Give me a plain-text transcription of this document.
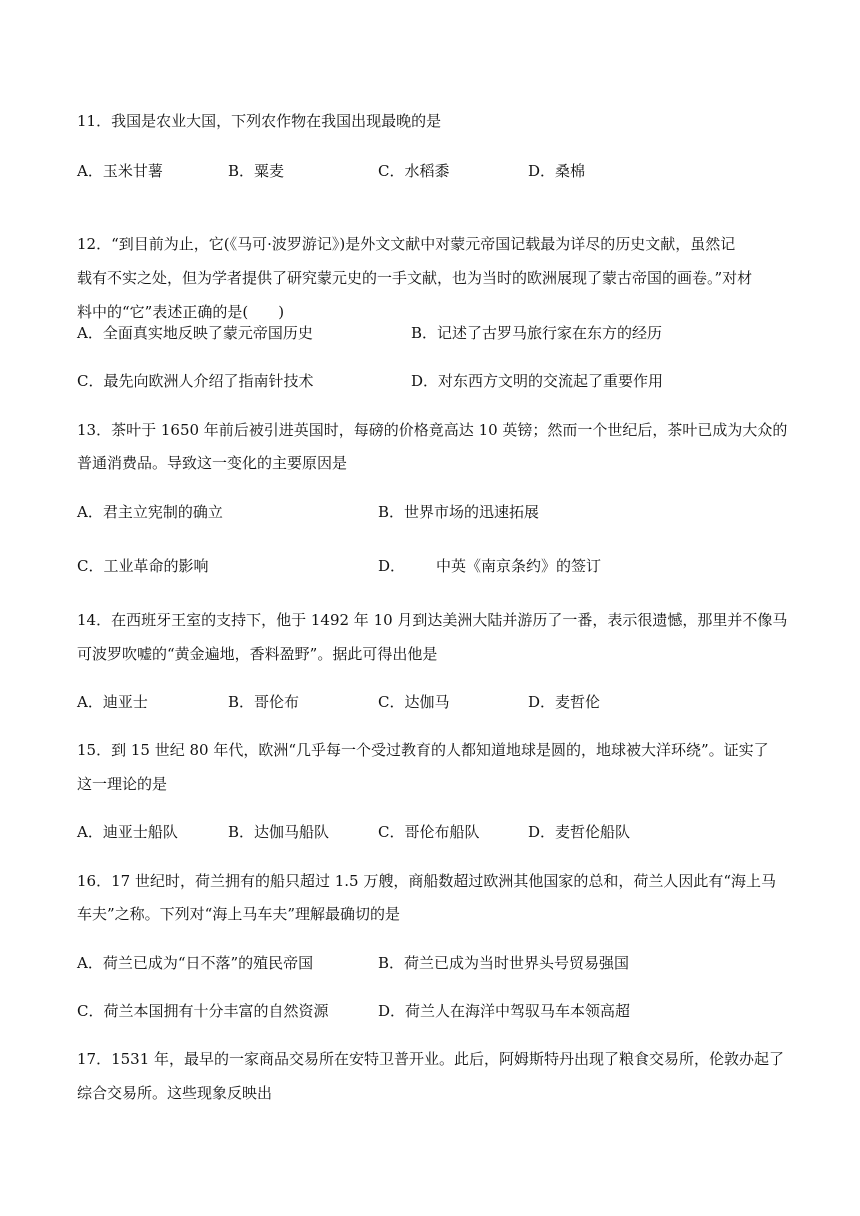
11．我国是农业大国，下列农作物在我国出现最晚的是
A．玉米甘薯	B．粟麦	C．水稻黍	D．桑棉
12．“到目前为止，它(《马可·波罗游记》)是外文文献中对蒙元帝国记载最为详尽的历史文献，虽然记
载有不实之处，但为学者提供了研究蒙元史的一手文献，也为当时的欧洲展现了蒙古帝国的画卷。”对材
料中的“它”表述正确的是(　　)
A．全面真实地反映了蒙元帝国历史	B．记述了古罗马旅行家在东方的经历
C．最先向欧洲人介绍了指南针技术	D．对东西方文明的交流起了重要作用
13．茶叶于 1650 年前后被引进英国时，每磅的价格竟高达 10 英镑；然而一个世纪后，茶叶已成为大众的
普通消费品。导致这一变化的主要原因是
A．君主立宪制的确立	B．世界市场的迅速拓展
C．工业革命的影响	D． 中英《南京条约》的签订
14．在西班牙王室的支持下，他于 1492 年 10 月到达美洲大陆并游历了一番，表示很遗憾，那里并不像马
可波罗吹嘘的“黄金遍地，香料盈野”。据此可得出他是
A．迪亚士	B．哥伦布	C．达伽马	D．麦哲伦
15．到 15 世纪 80 年代，欧洲“几乎每一个受过教育的人都知道地球是圆的，地球被大洋环绕”。证实了
这一理论的是
A．迪亚士船队	B．达伽马船队	C．哥伦布船队	D．麦哲伦船队
16．17 世纪时，荷兰拥有的船只超过 1.5 万艘，商船数超过欧洲其他国家的总和，荷兰人因此有“海上马
车夫”之称。下列对“海上马车夫”理解最确切的是
A．荷兰已成为“日不落”的殖民帝国	B．荷兰已成为当时世界头号贸易强国
C．荷兰本国拥有十分丰富的自然资源	D．荷兰人在海洋中驾驭马车本领高超
17．1531 年，最早的一家商品交易所在安特卫普开业。此后，阿姆斯特丹出现了粮食交易所，伦敦办起了
综合交易所。这些现象反映出
